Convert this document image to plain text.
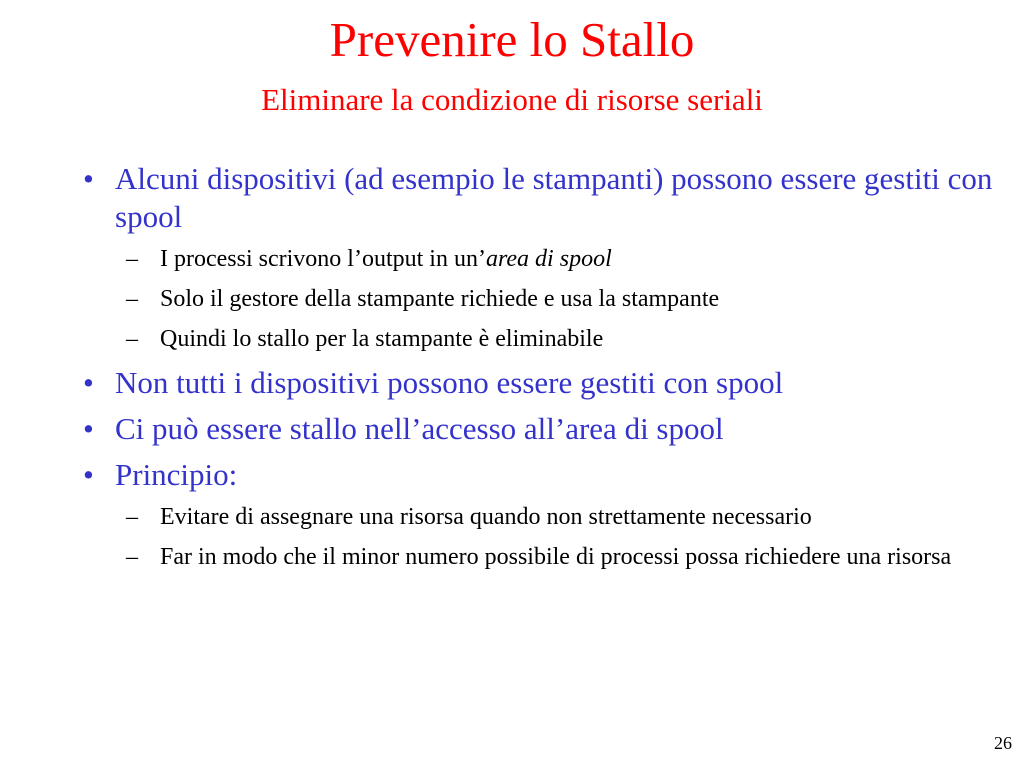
Prevenire lo Stallo
Eliminare la condizione di risorse seriali
• Alcuni dispositivi (ad esempio le stampanti) possono essere gestiti con spool
– I processi scrivono l’output in un’area di spool
– Solo il gestore della stampante richiede e usa la stampante
– Quindi lo stallo per la stampante è eliminabile
• Non tutti i dispositivi possono essere gestiti con spool
• Ci può essere stallo nell’accesso all’area di spool
• Principio:
– Evitare di assegnare una risorsa quando non strettamente necessario
– Far in modo che il minor numero possibile di processi possa richiedere una risorsa
26
